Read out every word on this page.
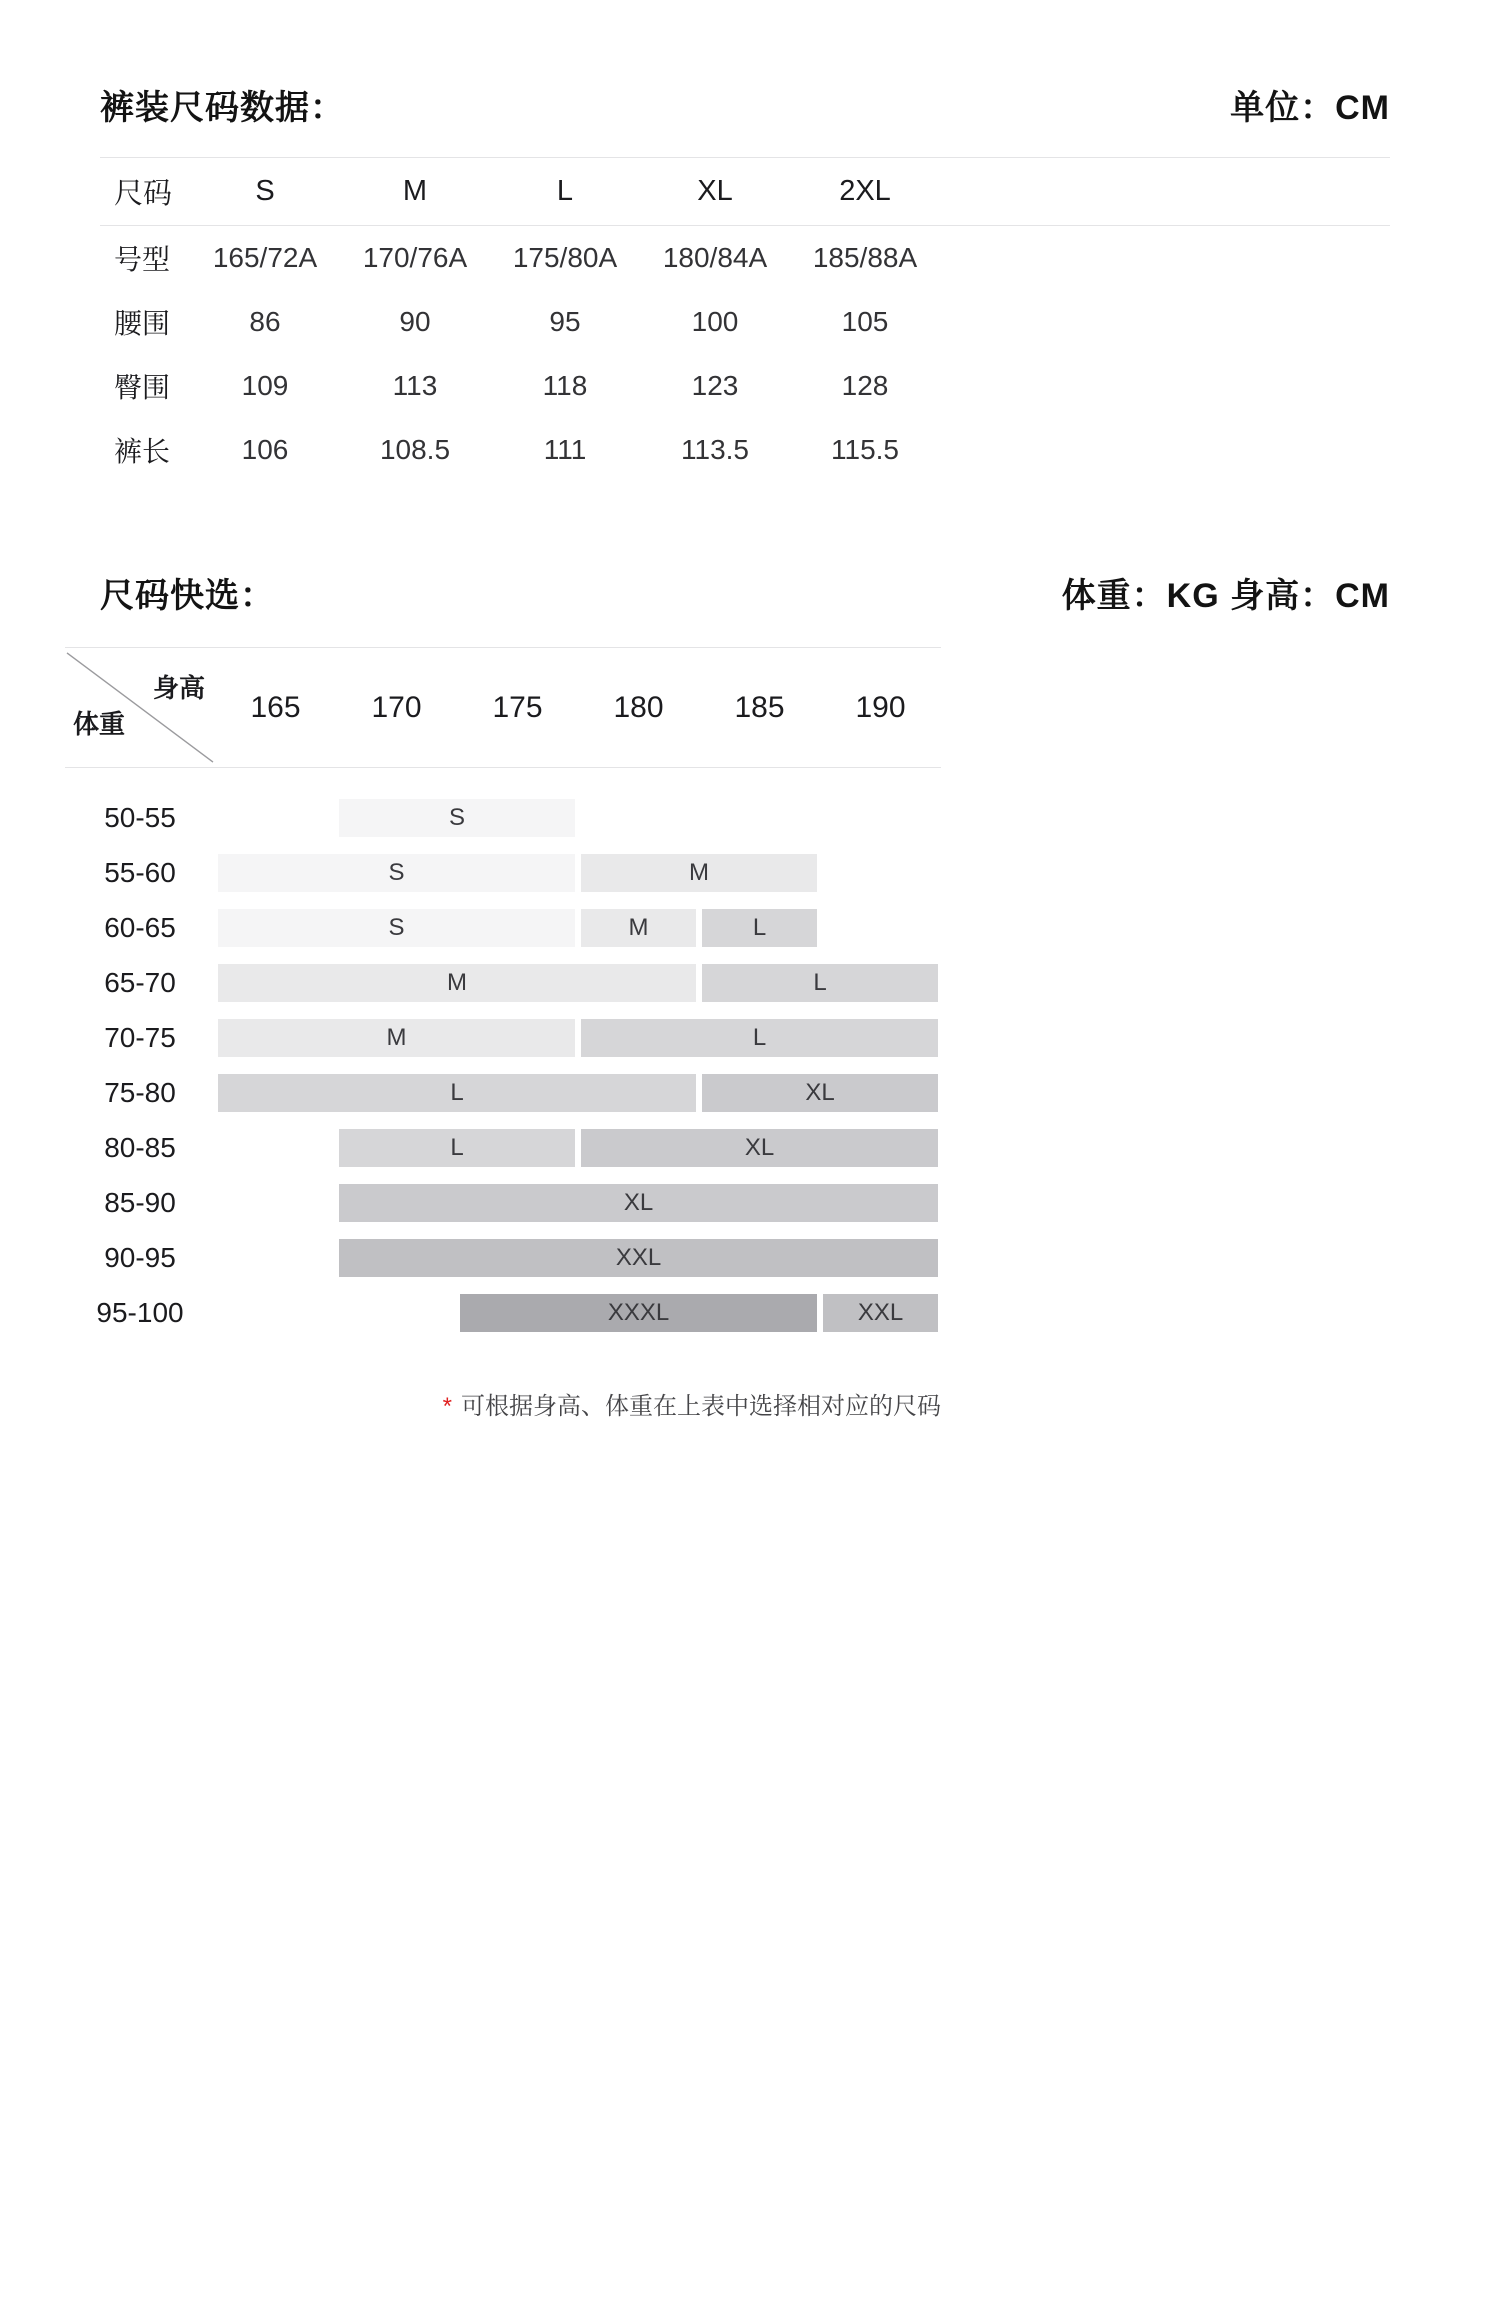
裤装尺码数据：	单位：CM
尺码	S	M	L	XL	2XL
号型	165/72A	170/76A	175/80A	180/84A	185/88A
腰围	86	90	95	100	105
臀围	109	113	118	123	128
裤长	106	108.5	111	113.5	115.5
尺码快选：	体重：KG 身高：CM
身高
体重
165	170	175	180	185	190
50-55	S
55-60	S	M
60-65	S	M	L
65-70	M	L
70-75	M	L
75-80	L	XL
80-85	L	XL
85-90	XL
90-95	XXL
95-100	XXXL	XXL
* 可根据身高、体重在上表中选择相对应的尺码
